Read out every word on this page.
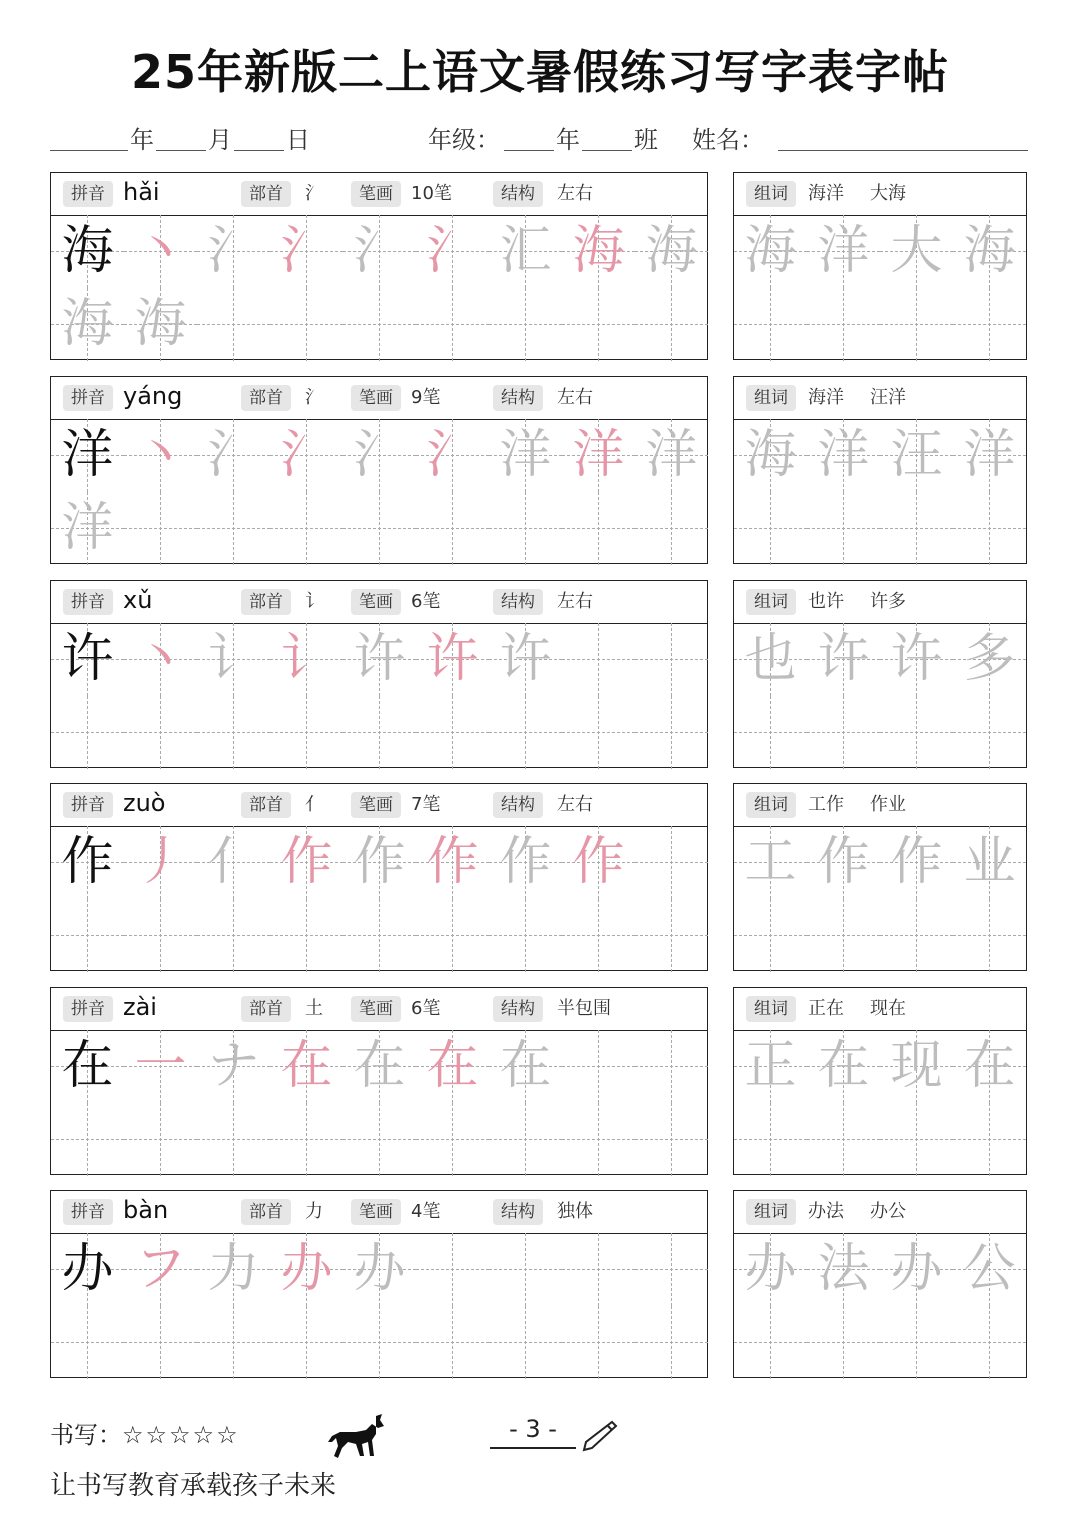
25年新版二上语文暑假练习写字表字帖
年 月 日	年级： 年 班 姓名：
拼音 hǎi	部首	氵	笔画	10笔	结构	左右
海 丶 氵 氵 氵 氵 汇 海 海
海 海
组词	海洋 大海
海 洋 大 海
拼音 yáng	部首	氵	笔画	9笔	结构	左右
洋 丶 氵 氵 氵 氵 洋 洋 洋
洋
组词	海洋 汪洋
海 洋 汪 洋
拼音 xǔ	部首	讠	笔画	6笔	结构	左右
许 丶 讠 讠 许 许 许
组词	也许 许多
也 许 许 多
拼音 zuò	部首	亻	笔画	7笔	结构	左右
作 丿 亻 作 作 作 作 作
组词	工作 作业
工 作 作 业
拼音 zài	部首	土	笔画	6笔	结构	半包围
在 一 ナ 在 在 在 在
组词	正在 现在
正 在 现 在
拼音 bàn	部首	力	笔画	4笔	结构	独体
办 フ 力 办 办
组词	办法 办公
办 法 办 公
书写：☆☆☆☆☆	- 3 -
让书写教育承载孩子未来
